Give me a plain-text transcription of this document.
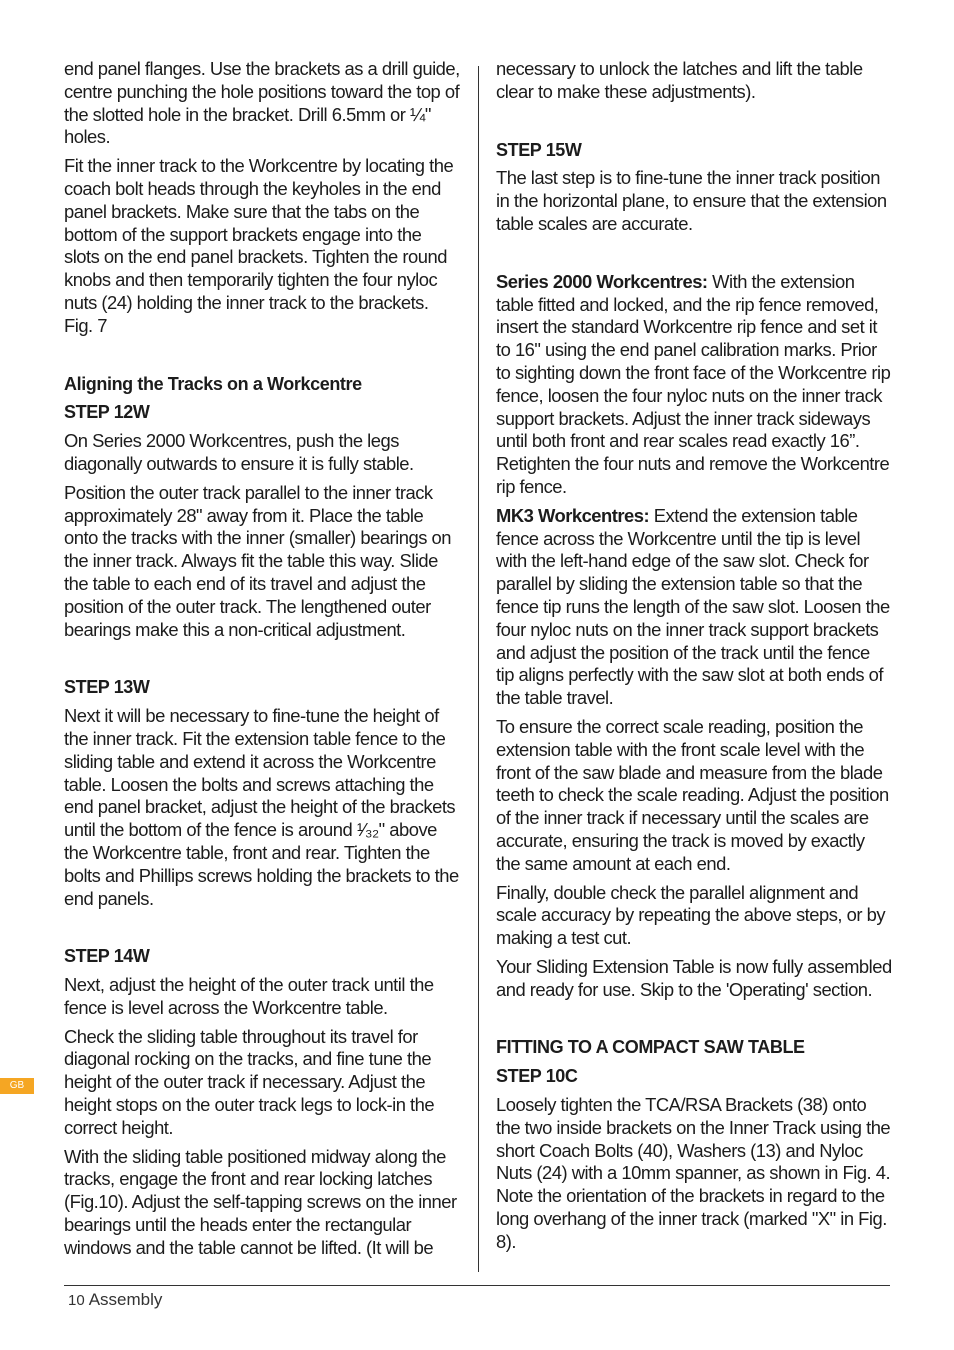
end panel flanges. Use the brackets as a drill guide, centre punching the hole positions toward the top of the slotted hole in the bracket. Drill 6.5mm or ¼" holes.

Fit the inner track to the Workcentre by locating the coach bolt heads through the keyholes in the end panel brackets. Make sure that the tabs on the bottom of the support brackets engage into the slots on the end panel brackets. Tighten the round knobs and then temporarily tighten the four nyloc nuts (24) holding the inner track to the brackets. Fig. 7

Aligning the Tracks on a Workcentre
STEP 12W

On Series 2000 Workcentres, push the legs diagonally outwards to ensure it is fully stable.

Position the outer track parallel to the inner track approximately 28" away from it. Place the table onto the tracks with the inner (smaller) bearings on the inner track. Always fit the table this way. Slide the table to each end of its travel and adjust the position of the outer track. The lengthened outer bearings make this a non-critical adjustment.

STEP 13W

Next it will be necessary to fine-tune the height of the inner track. Fit the extension table fence to the sliding table and extend it across the Workcentre table. Loosen the bolts and screws attaching the end panel bracket, adjust the height of the brackets until the bottom of the fence is around ¹⁄₃₂" above the Workcentre table, front and rear. Tighten the bolts and Phillips screws holding the brackets to the end panels.

STEP 14W

Next, adjust the height of the outer track until the fence is level across the Workcentre table.

Check the sliding table throughout its travel for diagonal rocking on the tracks, and fine tune the height of the outer track if necessary. Adjust the height stops on the outer track legs to lock-in the correct height.

With the sliding table positioned midway along the tracks, engage the front and rear locking latches (Fig.10). Adjust the self-tapping screws on the inner bearings until the heads enter the rectangular windows and the table cannot be lifted. (It will be

necessary to unlock the latches and lift the table clear to make these adjustments).

STEP 15W

The last step is to fine-tune the inner track position in the horizontal plane, to ensure that the extension table scales are accurate.

Series 2000 Workcentres: With the extension table fitted and locked, and the rip fence removed, insert the standard Workcentre rip fence and set it to 16" using the end panel calibration marks. Prior to sighting down the front face of the Workcentre rip fence, loosen the four nyloc nuts on the inner track support brackets. Adjust the inner track sideways until both front and rear scales read exactly 16”. Retighten the four nuts and remove the Workcentre rip fence.

MK3 Workcentres: Extend the extension table fence across the Workcentre until the tip is level with the left-hand edge of the saw slot. Check for parallel by sliding the extension table so that the fence tip runs the length of the saw slot. Loosen the four nyloc nuts on the inner track support brackets and adjust the position of the track until the fence tip aligns perfectly with the saw slot at both ends of the table travel.

To ensure the correct scale reading, position the extension table with the front scale level with the front of the saw blade and measure from the blade teeth to check the scale reading. Adjust the position of the inner track if necessary until the scales are accurate, ensuring the track is moved by exactly the same amount at each end.

Finally, double check the parallel alignment and scale accuracy by repeating the above steps, or by making a test cut.

Your Sliding Extension Table is now fully assembled and ready for use. Skip to the 'Operating' section.

FITTING TO A COMPACT SAW TABLE
STEP 10C

Loosely tighten the TCA/RSA Brackets (38) onto the two inside brackets on the Inner Track using the short Coach Bolts (40), Washers (13) and Nyloc Nuts (24) with a 10mm spanner, as shown in Fig. 4. Note the orientation of the brackets in regard to the long overhang of the inner track (marked "X" in Fig. 8).

GB
10 Assembly
